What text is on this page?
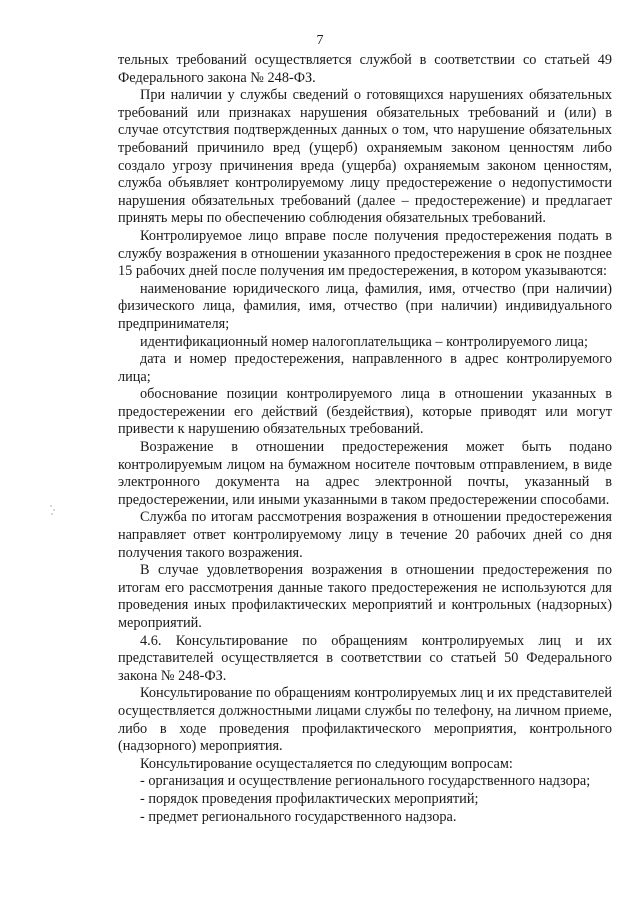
7

тельных требований осуществляется службой в соответствии со статьей 49 Федерального закона № 248-ФЗ.

При наличии у службы сведений о готовящихся нарушениях обязательных требований или признаках нарушения обязательных требований и (или) в случае отсутствия подтвержденных данных о том, что нарушение обязательных требований причинило вред (ущерб) охраняемым законом ценностям либо создало угрозу причинения вреда (ущерба) охраняемым законом ценностям, служба объявляет контролируемому лицу предостережение о недопустимости нарушения обязательных требований (далее – предостережение) и предлагает принять меры по обеспечению соблюдения обязательных требований.

Контролируемое лицо вправе после получения предостережения подать в службу возражения в отношении указанного предостережения в срок не позднее 15 рабочих дней после получения им предостережения, в котором указываются:

наименование юридического лица, фамилия, имя, отчество (при наличии) физического лица, фамилия, имя, отчество (при наличии) индивидуального предпринимателя;

идентификационный номер налогоплательщика – контролируемого лица;

дата и номер предостережения, направленного в адрес контролируемого лица;

обоснование позиции контролируемого лица в отношении указанных в предостережении его действий (бездействия), которые приводят или могут привести к нарушению обязательных требований.

Возражение в отношении предостережения может быть подано контролируемым лицом на бумажном носителе почтовым отправлением, в виде электронного документа на адрес электронной почты, указанный в предостережении, или иными указанными в таком предостережении способами.

Служба по итогам рассмотрения возражения в отношении предостережения направляет ответ контролируемому лицу в течение 20 рабочих дней со дня получения такого возражения.

В случае удовлетворения возражения в отношении предостережения по итогам его рассмотрения данные такого предостережения не используются для проведения иных профилактических мероприятий и контрольных (надзорных) мероприятий.

4.6. Консультирование по обращениям контролируемых лиц и их представителей осуществляется в соответствии со статьей 50 Федерального закона № 248-ФЗ.

Консультирование по обращениям контролируемых лиц и их представителей осуществляется должностными лицами службы по телефону, на личном приеме, либо в ходе проведения профилактического мероприятия, контрольного (надзорного) мероприятия.

Консультирование осущесталяется по следующим вопросам:

- организация и осуществление регионального государственного надзора;

- порядок проведения профилактических мероприятий;

- предмет регионального государственного надзора.
